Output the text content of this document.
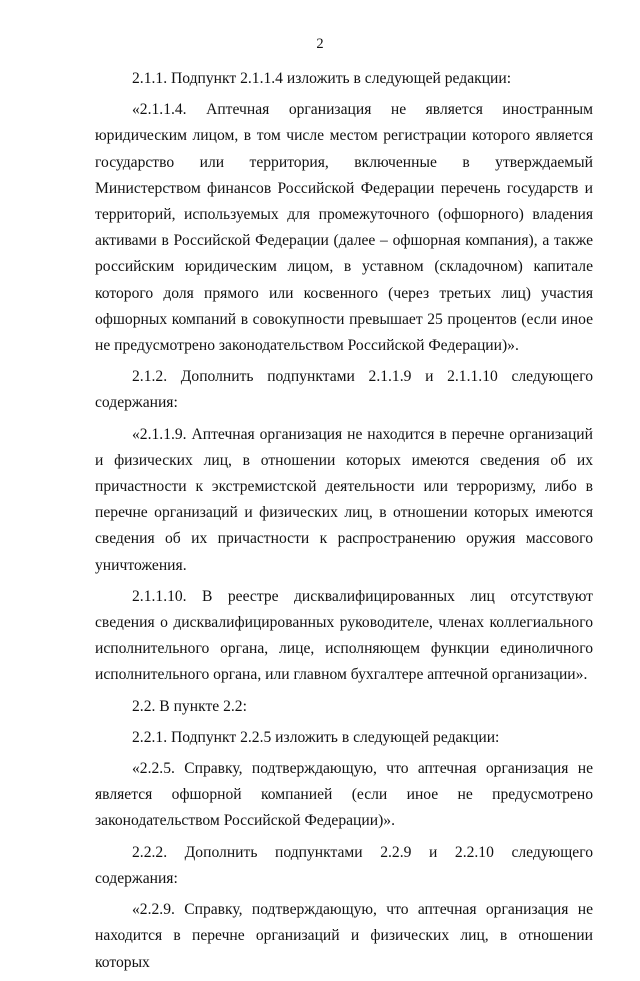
2

2.1.1. Подпункт 2.1.1.4 изложить в следующей редакции:

«2.1.1.4. Аптечная организация не является иностранным юридическим лицом, в том числе местом регистрации которого является государство или территория, включенные в утверждаемый Министерством финансов Российской Федерации перечень государств и территорий, используемых для промежуточного (офшорного) владения активами в Российской Федерации (далее – офшорная компания), а также российским юридическим лицом, в уставном (складочном) капитале которого доля прямого или косвенного (через третьих лиц) участия офшорных компаний в совокупности превышает 25 процентов (если иное не предусмотрено законодательством Российской Федерации)».

2.1.2. Дополнить подпунктами 2.1.1.9 и 2.1.1.10 следующего содержания:

«2.1.1.9. Аптечная организация не находится в перечне организаций и физических лиц, в отношении которых имеются сведения об их причастности к экстремистской деятельности или терроризму, либо в перечне организаций и физических лиц, в отношении которых имеются сведения об их причастности к распространению оружия массового уничтожения.

2.1.1.10. В реестре дисквалифицированных лиц отсутствуют сведения о дисквалифицированных руководителе, членах коллегиального исполнительного органа, лице, исполняющем функции единоличного исполнительного органа, или главном бухгалтере аптечной организации».

2.2. В пункте 2.2:

2.2.1. Подпункт 2.2.5 изложить в следующей редакции:

«2.2.5. Справку, подтверждающую, что аптечная организация не является офшорной компанией (если иное не предусмотрено законодательством Российской Федерации)».

2.2.2. Дополнить подпунктами 2.2.9 и 2.2.10 следующего содержания:

«2.2.9. Справку, подтверждающую, что аптечная организация не находится в перечне организаций и физических лиц, в отношении которых
